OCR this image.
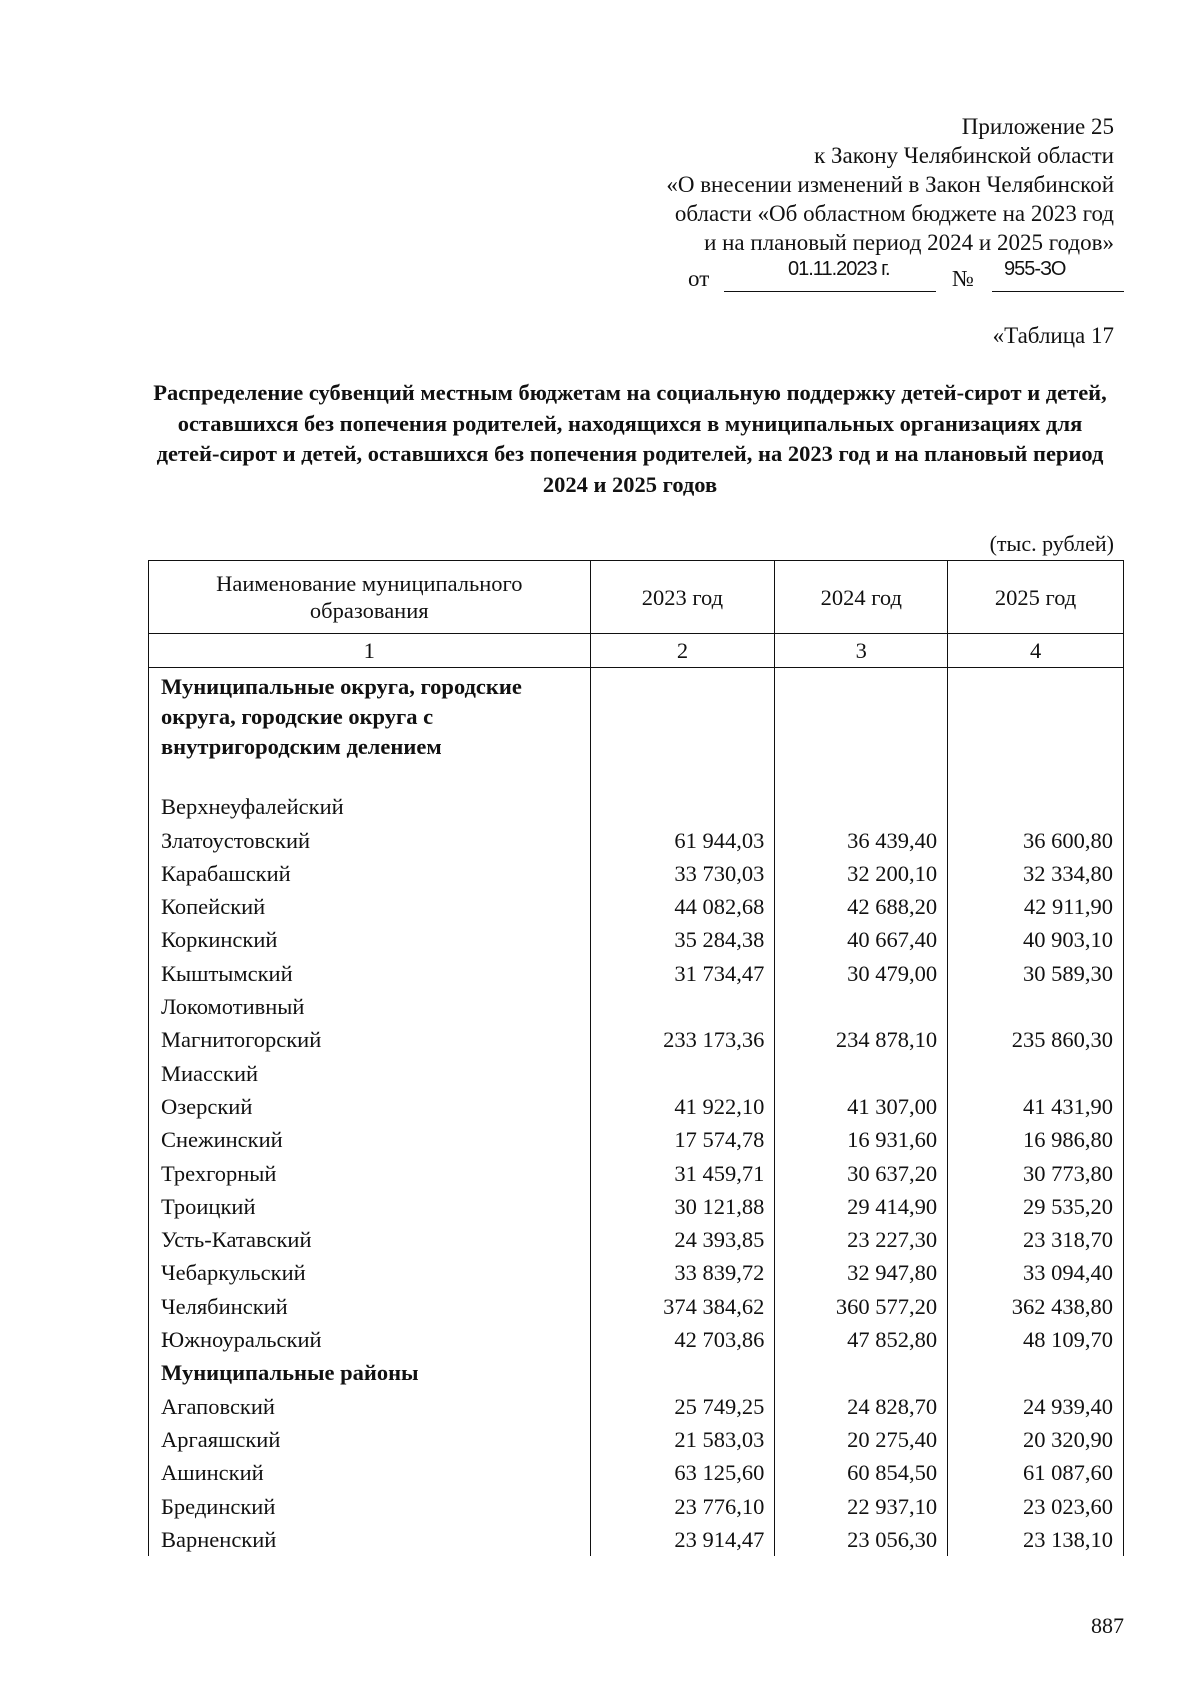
Приложение 25
к Закону Челябинской области
«О внесении изменений в Закон Челябинской
области «Об областном бюджете на 2023 год
и на плановый период 2024 и 2025 годов»
от	01.11.2023 г.	№ 955-ЗО
«Таблица 17
Распределение субвенций местным бюджетам на социальную поддержку детей-сирот и детей, оставшихся без попечения родителей, находящихся в муниципальных организациях для детей-сирот и детей, оставшихся без попечения родителей, на 2023 год и на плановый период 2024 и 2025 годов
(тыс. рублей)
Наименование муниципального образования	2023 год	2024 год	2025 год
1	2	3	4
Муниципальные округа, городские округа, городские округа с внутригородским делением			
Верхнеуфалейский			
Златоустовский	61 944,03	36 439,40	36 600,80
Карабашский	33 730,03	32 200,10	32 334,80
Копейский	44 082,68	42 688,20	42 911,90
Коркинский	35 284,38	40 667,40	40 903,10
Кыштымский	31 734,47	30 479,00	30 589,30
Локомотивный			
Магнитогорский	233 173,36	234 878,10	235 860,30
Миасский			
Озерский	41 922,10	41 307,00	41 431,90
Снежинский	17 574,78	16 931,60	16 986,80
Трехгорный	31 459,71	30 637,20	30 773,80
Троицкий	30 121,88	29 414,90	29 535,20
Усть-Катавский	24 393,85	23 227,30	23 318,70
Чебаркульский	33 839,72	32 947,80	33 094,40
Челябинский	374 384,62	360 577,20	362 438,80
Южноуральский	42 703,86	47 852,80	48 109,70
Муниципальные районы			
Агаповский	25 749,25	24 828,70	24 939,40
Аргаяшский	21 583,03	20 275,40	20 320,90
Ашинский	63 125,60	60 854,50	61 087,60
Брединский	23 776,10	22 937,10	23 023,60
Варненский	23 914,47	23 056,30	23 138,10
887
